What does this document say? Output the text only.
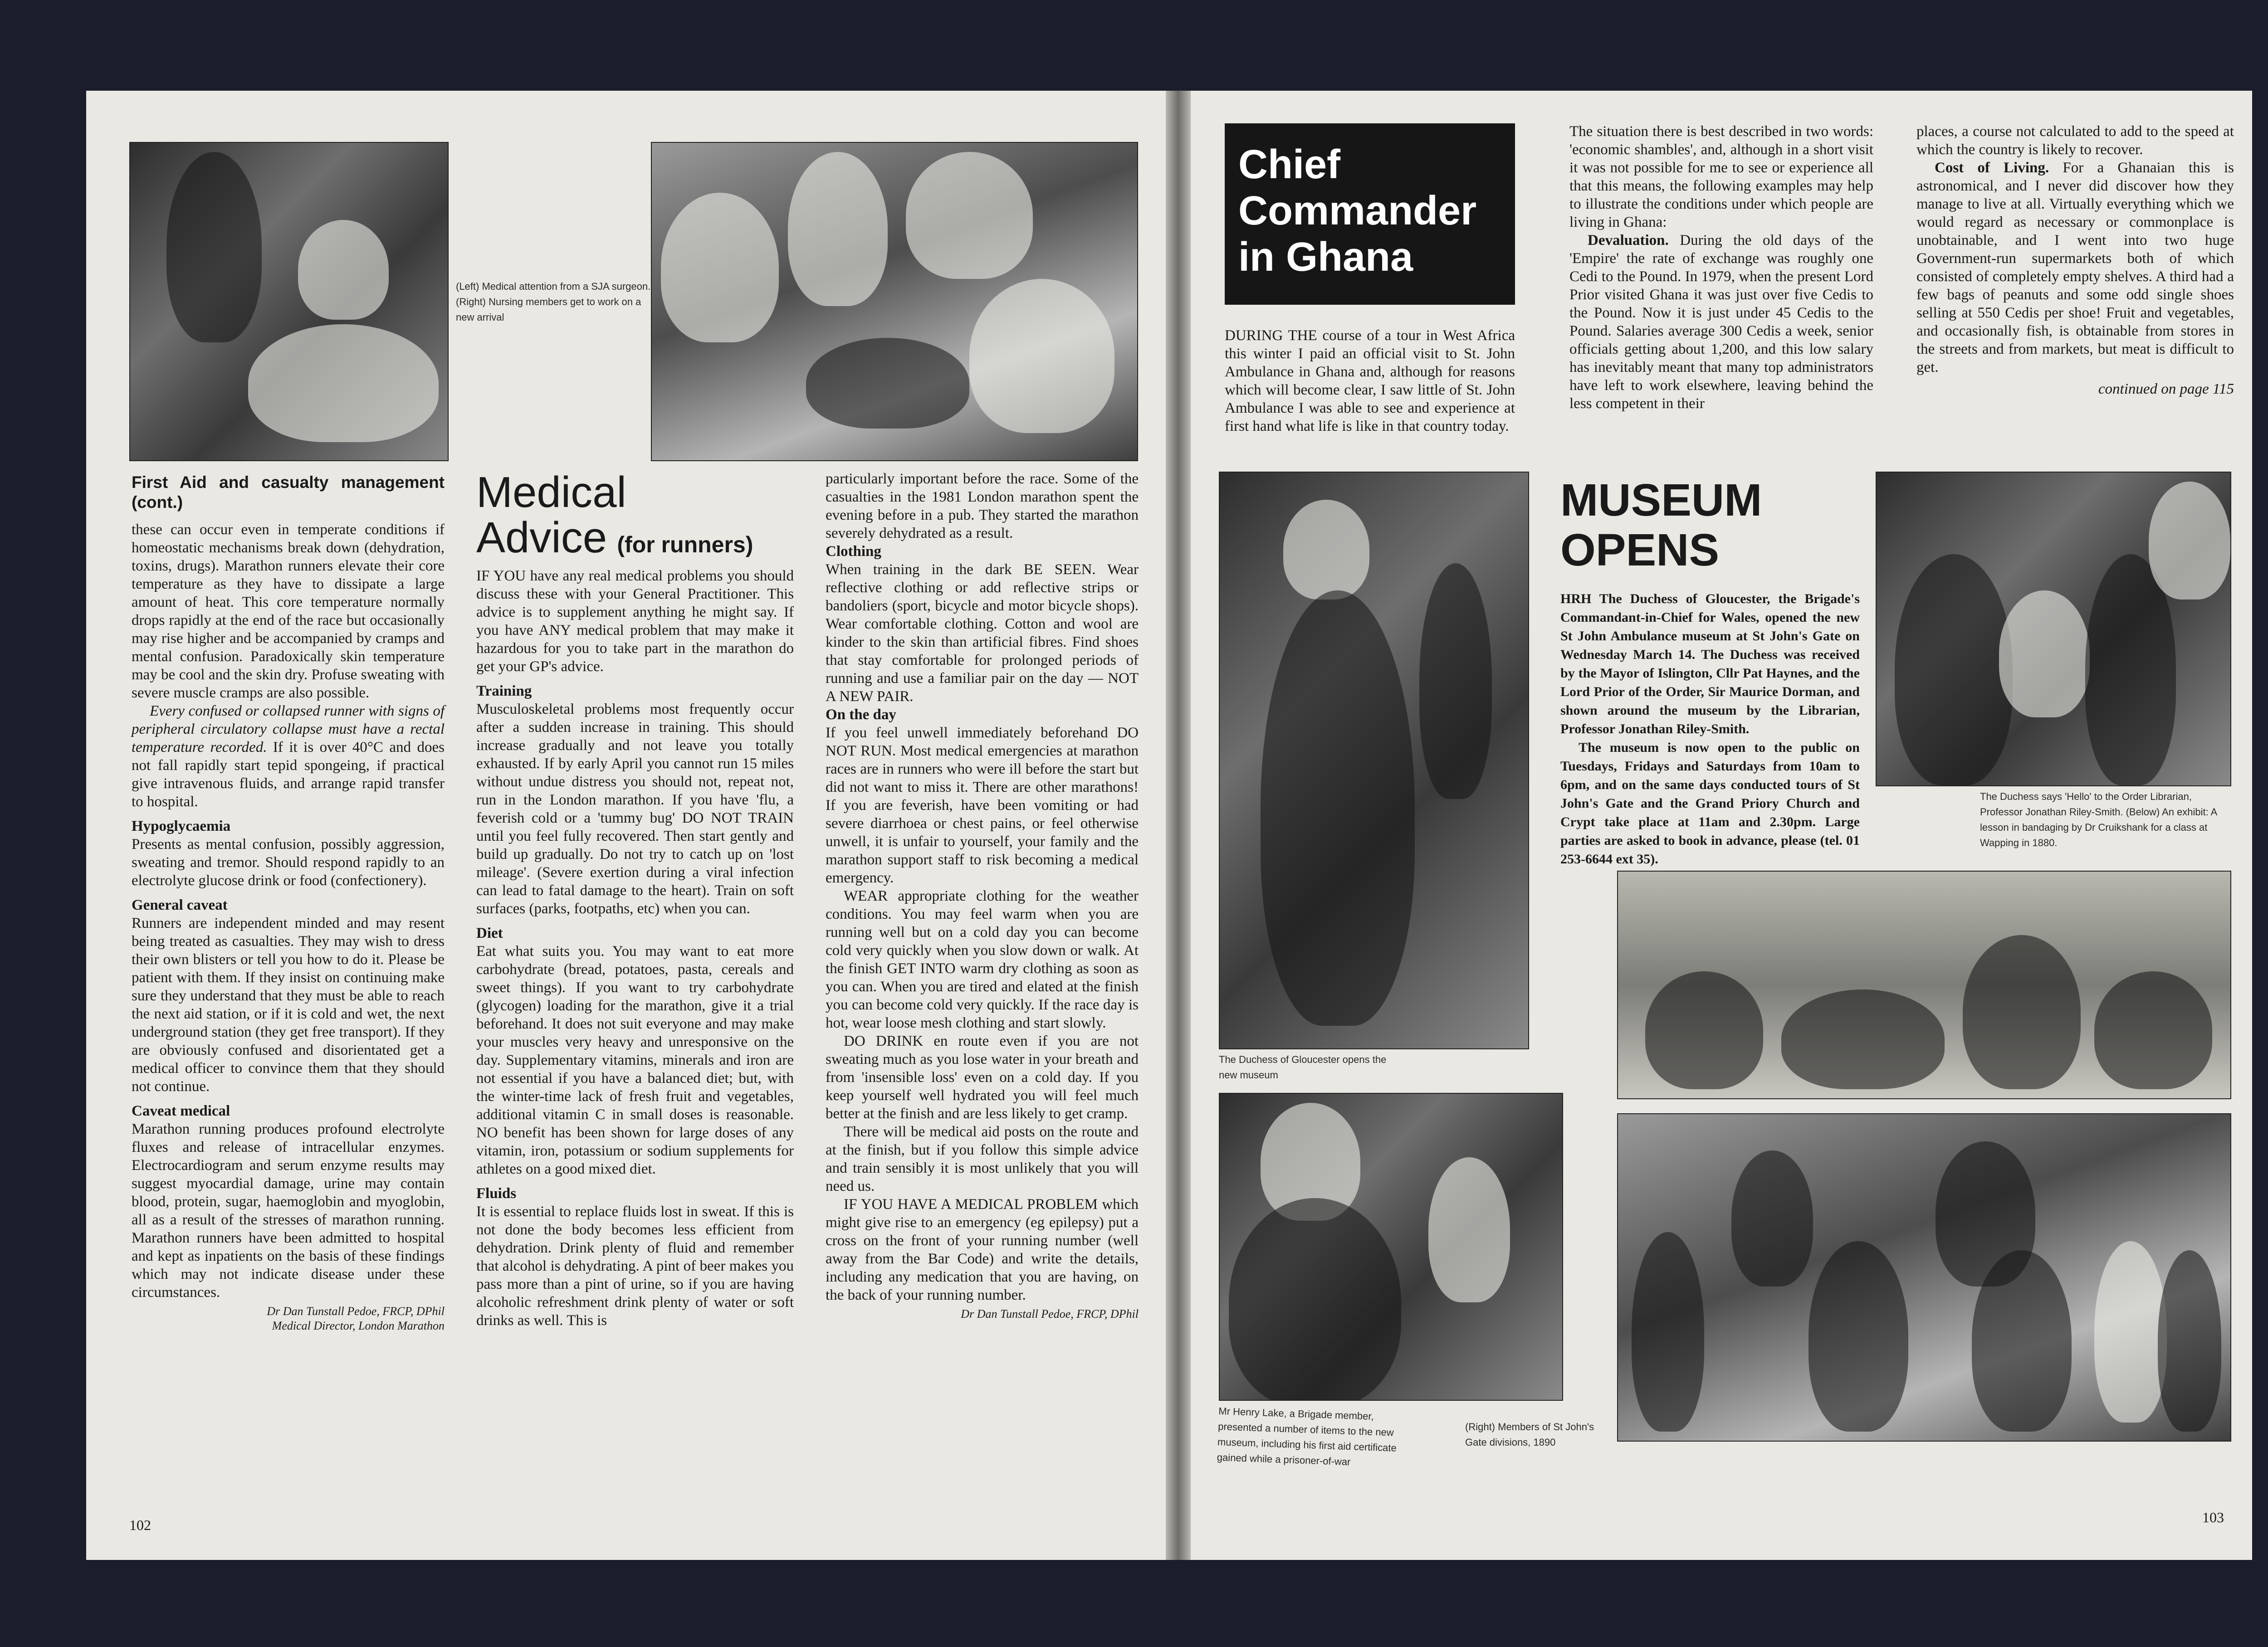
(Left) Medical attention from a SJA surgeon. (Right) Nursing members get to work on a new arrival
First Aid and casualty management (cont.)

these can occur even in temperate conditions if homeostatic mechanisms break down (dehydration, toxins, drugs). Marathon runners elevate their core temperature as they have to dissipate a large amount of heat. This core temperature normally drops rapidly at the end of the race but occasionally may rise higher and be accompanied by cramps and mental confusion. Paradoxically skin temperature may be cool and the skin dry. Profuse sweating with severe muscle cramps are also possible.

Every confused or collapsed runner with signs of peripheral circulatory collapse must have a rectal temperature recorded. If it is over 40°C and does not fall rapidly start tepid spongeing, if practical give intravenous fluids, and arrange rapid transfer to hospital.

Hypoglycaemia

Presents as mental confusion, possibly aggression, sweating and tremor. Should respond rapidly to an electrolyte glucose drink or food (confectionery).

General caveat

Runners are independent minded and may resent being treated as casualties. They may wish to dress their own blisters or tell you how to do it. Please be patient with them. If they insist on continuing make sure they understand that they must be able to reach the next aid station, or if it is cold and wet, the next underground station (they get free transport). If they are obviously confused and disorientated get a medical officer to convince them that they should not continue.

Caveat medical

Marathon running produces profound electrolyte fluxes and release of intracellular enzymes. Electrocardiogram and serum enzyme results may suggest myocardial damage, urine may contain blood, protein, sugar, haemoglobin and myoglobin, all as a result of the stresses of marathon running. Marathon runners have been admitted to hospital and kept as inpatients on the basis of these findings which may not indicate disease under these circumstances.

Dr Dan Tunstall Pedoe, FRCP, DPhil
Medical Director, London Marathon
Medical
Advice (for runners)

IF YOU have any real medical problems you should discuss these with your General Practitioner. This advice is to supplement anything he might say. If you have ANY medical problem that may make it hazardous for you to take part in the marathon do get your GP's advice.

Training

Musculoskeletal problems most frequently occur after a sudden increase in training. This should increase gradually and not leave you totally exhausted. If by early April you cannot run 15 miles without undue distress you should not, repeat not, run in the London marathon. If you have 'flu, a feverish cold or a 'tummy bug' DO NOT TRAIN until you feel fully recovered. Then start gently and build up gradually. Do not try to catch up on 'lost mileage'. (Severe exertion during a viral infection can lead to fatal damage to the heart). Train on soft surfaces (parks, footpaths, etc) when you can.

Diet

Eat what suits you. You may want to eat more carbohydrate (bread, potatoes, pasta, cereals and sweet things). If you want to try carbohydrate (glycogen) loading for the marathon, give it a trial beforehand. It does not suit everyone and may make your muscles very heavy and unresponsive on the day. Supplementary vitamins, minerals and iron are not essential if you have a balanced diet; but, with the winter-time lack of fresh fruit and vegetables, additional vitamin C in small doses is reasonable. NO benefit has been shown for large doses of any vitamin, iron, potassium or sodium supplements for athletes on a good mixed diet.

Fluids

It is essential to replace fluids lost in sweat. If this is not done the body becomes less efficient from dehydration. Drink plenty of fluid and remember that alcohol is dehydrating. A pint of beer makes you pass more than a pint of urine, so if you are having alcoholic refreshment drink plenty of water or soft drinks as well. This is

particularly important before the race. Some of the casualties in the 1981 London marathon spent the evening before in a pub. They started the marathon severely dehydrated as a result.

Clothing

When training in the dark BE SEEN. Wear reflective clothing or add reflective strips or bandoliers (sport, bicycle and motor bicycle shops). Wear comfortable clothing. Cotton and wool are kinder to the skin than artificial fibres. Find shoes that stay comfortable for prolonged periods of running and use a familiar pair on the day — NOT A NEW PAIR.

On the day

If you feel unwell immediately beforehand DO NOT RUN. Most medical emergencies at marathon races are in runners who were ill before the start but did not want to miss it. There are other marathons! If you are feverish, have been vomiting or had severe diarrhoea or chest pains, or feel otherwise unwell, it is unfair to yourself, your family and the marathon support staff to risk becoming a medical emergency.

WEAR appropriate clothing for the weather conditions. You may feel warm when you are running well but on a cold day you can become cold very quickly when you slow down or walk. At the finish GET INTO warm dry clothing as soon as you can. When you are tired and elated at the finish you can become cold very quickly. If the race day is hot, wear loose mesh clothing and start slowly.

DO DRINK en route even if you are not sweating much as you lose water in your breath and from 'insensible loss' even on a cold day. If you keep yourself well hydrated you will feel much better at the finish and are less likely to get cramp.

There will be medical aid posts on the route and at the finish, but if you follow this simple advice and train sensibly it is most unlikely that you will need us.

IF YOU HAVE A MEDICAL PROBLEM which might give rise to an emergency (eg epilepsy) put a cross on the front of your running number (well away from the Bar Code) and write the details, including any medication that you are having, on the back of your running number.

Dr Dan Tunstall Pedoe, FRCP, DPhil
102
Chief
Commander
in Ghana
DURING THE course of a tour in West Africa this winter I paid an official visit to St. John Ambulance in Ghana and, although for reasons which will become clear, I saw little of St. John Ambulance I was able to see and experience at first hand what life is like in that country today.

The situation there is best described in two words: 'economic shambles', and, although in a short visit it was not possible for me to see or experience all that this means, the following examples may help to illustrate the conditions under which people are living in Ghana:

Devaluation. During the old days of the 'Empire' the rate of exchange was roughly one Cedi to the Pound. In 1979, when the present Lord Prior visited Ghana it was just over five Cedis to the Pound. Now it is just under 45 Cedis to the Pound. Salaries average 300 Cedis a week, senior officials getting about 1,200, and this low salary has inevitably meant that many top administrators have left to work elsewhere, leaving behind the less competent in their

places, a course not calculated to add to the speed at which the country is likely to recover.

Cost of Living. For a Ghanaian this is astronomical, and I never did discover how they manage to live at all. Virtually everything which we would regard as necessary or commonplace is unobtainable, and I went into two huge Government-run supermarkets both of which consisted of completely empty shelves. A third had a few bags of peanuts and some odd single shoes selling at 550 Cedis per shoe! Fruit and vegetables, and occasionally fish, is obtainable from stores in the streets and from markets, but meat is difficult to get.

continued on page 115
The Duchess of Gloucester opens the new museum
MUSEUM
OPENS

HRH The Duchess of Gloucester, the Brigade's Commandant-in-Chief for Wales, opened the new St John Ambulance museum at St John's Gate on Wednesday March 14. The Duchess was received by the Mayor of Islington, Cllr Pat Haynes, and the Lord Prior of the Order, Sir Maurice Dorman, and shown around the museum by the Librarian, Professor Jonathan Riley-Smith.

The museum is now open to the public on Tuesdays, Fridays and Saturdays from 10am to 6pm, and on the same days conducted tours of St John's Gate and the Grand Priory Church and Crypt take place at 11am and 2.30pm. Large parties are asked to book in advance, please (tel. 01 253-6644 ext 35).

The Duchess says 'Hello' to the Order Librarian, Professor Jonathan Riley-Smith. (Below) An exhibit: A lesson in bandaging by Dr Cruikshank for a class at Wapping in 1880.
Mr Henry Lake, a Brigade member, presented a number of items to the new museum, including his first aid certificate gained while a prisoner-of-war
(Right) Members of St John's Gate divisions, 1890
103
